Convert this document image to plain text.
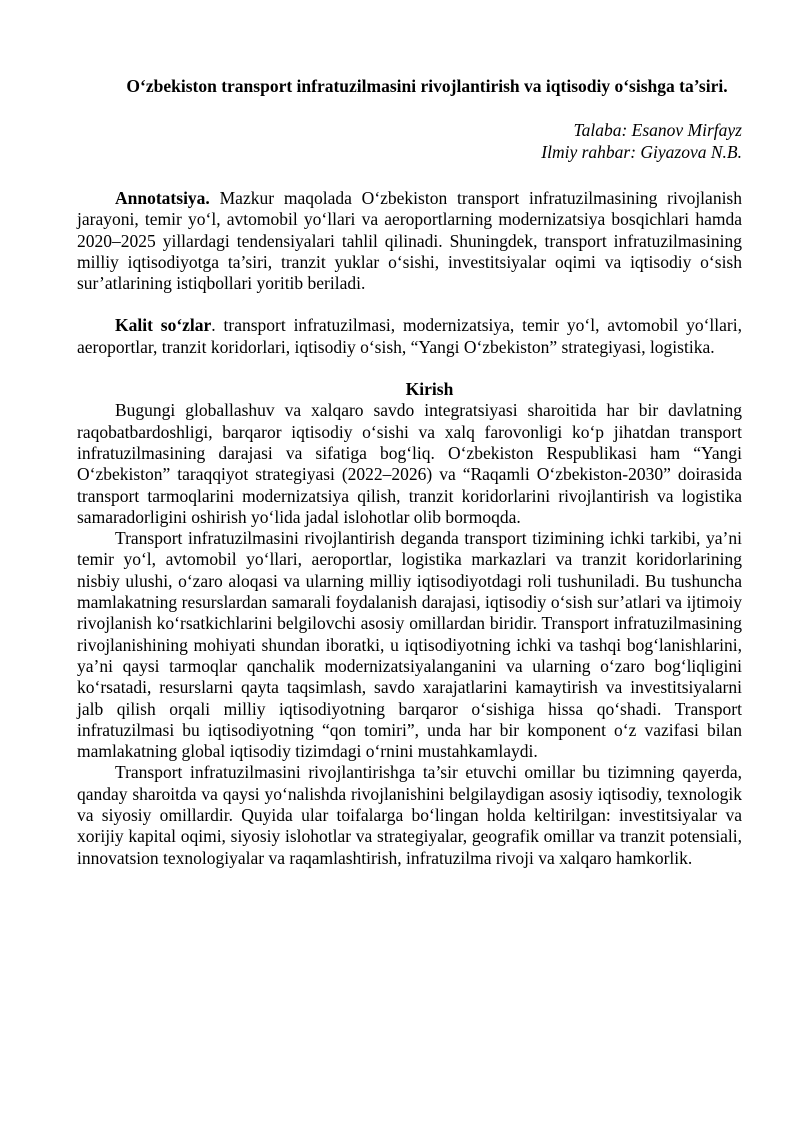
O‘zbekiston transport infratuzilmasini rivojlantirish va iqtisodiy o‘sishga ta’siri.
Talaba: Esanov Mirfayz
Ilmiy rahbar: Giyazova N.B.

Annotatsiya. Mazkur maqolada O‘zbekiston transport infratuzilmasining rivojlanish jarayoni, temir yo‘l, avtomobil yo‘llari va aeroportlarning modernizatsiya bosqichlari hamda 2020–2025 yillardagi tendensiyalari tahlil qilinadi. Shuningdek, transport infratuzilmasining milliy iqtisodiyotga ta’siri, tranzit yuklar o‘sishi, investitsiyalar oqimi va iqtisodiy o‘sish sur’atlarining istiqbollari yoritib beriladi.

Kalit so‘zlar. transport infratuzilmasi, modernizatsiya, temir yo‘l, avtomobil yo‘llari, aeroportlar, tranzit koridorlari, iqtisodiy o‘sish, “Yangi O‘zbekiston” strategiyasi, logistika.

Kirish

Bugungi globallashuv va xalqaro savdo integratsiyasi sharoitida har bir davlatning raqobatbardoshligi, barqaror iqtisodiy o‘sishi va xalq farovonligi ko‘p jihatdan transport infratuzilmasining darajasi va sifatiga bog‘liq. O‘zbekiston Respublikasi ham “Yangi O‘zbekiston” taraqqiyot strategiyasi (2022–2026) va “Raqamli O‘zbekiston-2030” doirasida transport tarmoqlarini modernizatsiya qilish, tranzit koridorlarini rivojlantirish va logistika samaradorligini oshirish yo‘lida jadal islohotlar olib bormoqda.

Transport infratuzilmasini rivojlantirish deganda transport tizimining ichki tarkibi, ya’ni temir yo‘l, avtomobil yo‘llari, aeroportlar, logistika markazlari va tranzit koridorlarining nisbiy ulushi, o‘zaro aloqasi va ularning milliy iqtisodiyotdagi roli tushuniladi. Bu tushuncha mamlakatning resurslardan samarali foydalanish darajasi, iqtisodiy o‘sish sur’atlari va ijtimoiy rivojlanish ko‘rsatkichlarini belgilovchi asosiy omillardan biridir. Transport infratuzilmasining rivojlanishining mohiyati shundan iboratki, u iqtisodiyotning ichki va tashqi bog‘lanishlarini, ya’ni qaysi tarmoqlar qanchalik modernizatsiyalanganini va ularning o‘zaro bog‘liqligini ko‘rsatadi, resurslarni qayta taqsimlash, savdo xarajatlarini kamaytirish va investitsiyalarni jalb qilish orqali milliy iqtisodiyotning barqaror o‘sishiga hissa qo‘shadi. Transport infratuzilmasi bu iqtisodiyotning “qon tomiri”, unda har bir komponent o‘z vazifasi bilan mamlakatning global iqtisodiy tizimdagi o‘rnini mustahkamlaydi.

Transport infratuzilmasini rivojlantirishga ta’sir etuvchi omillar bu tizimning qayerda, qanday sharoitda va qaysi yo‘nalishda rivojlanishini belgilaydigan asosiy iqtisodiy, texnologik va siyosiy omillardir. Quyida ular toifalarga bo‘lingan holda keltirilgan: investitsiyalar va xorijiy kapital oqimi, siyosiy islohotlar va strategiyalar, geografik omillar va tranzit potensiali, innovatsion texnologiyalar va raqamlashtirish, infratuzilma rivoji va xalqaro hamkorlik.
